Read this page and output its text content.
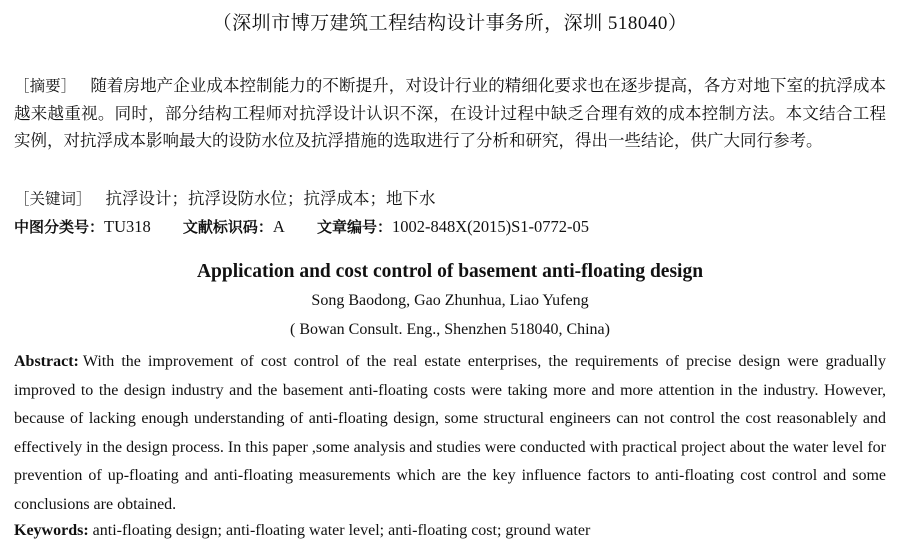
（深圳市博万建筑工程结构设计事务所，深圳 518040）
［摘要］ 随着房地产企业成本控制能力的不断提升，对设计行业的精细化要求也在逐步提高，各方对地下室的抗浮成本越来越重视。同时，部分结构工程师对抗浮设计认识不深，在设计过程中缺乏合理有效的成本控制方法。本文结合工程实例，对抗浮成本影响最大的设防水位及抗浮措施的选取进行了分析和研究，得出一些结论，供广大同行参考。
［关键词］ 抗浮设计；抗浮设防水位；抗浮成本；地下水
中图分类号：TU318 文献标识码：A 文章编号：1002-848X(2015)S1-0772-05
Application and cost control of basement anti-floating design
Song Baodong, Gao Zhunhua, Liao Yufeng
( Bowan Consult. Eng., Shenzhen 518040, China)
Abstract: With the improvement of cost control of the real estate enterprises, the requirements of precise design were gradually improved to the design industry and the basement anti-floating costs were taking more and more attention in the industry. However, because of lacking enough understanding of anti-floating design, some structural engineers can not control the cost reasonablely and effectively in the design process. In this paper ,some analysis and studies were conducted with practical project about the water level for prevention of up-floating and anti-floating measurements which are the key influence factors to anti-floating cost control and some conclusions are obtained.
Keywords: anti-floating design; anti-floating water level; anti-floating cost; ground water
